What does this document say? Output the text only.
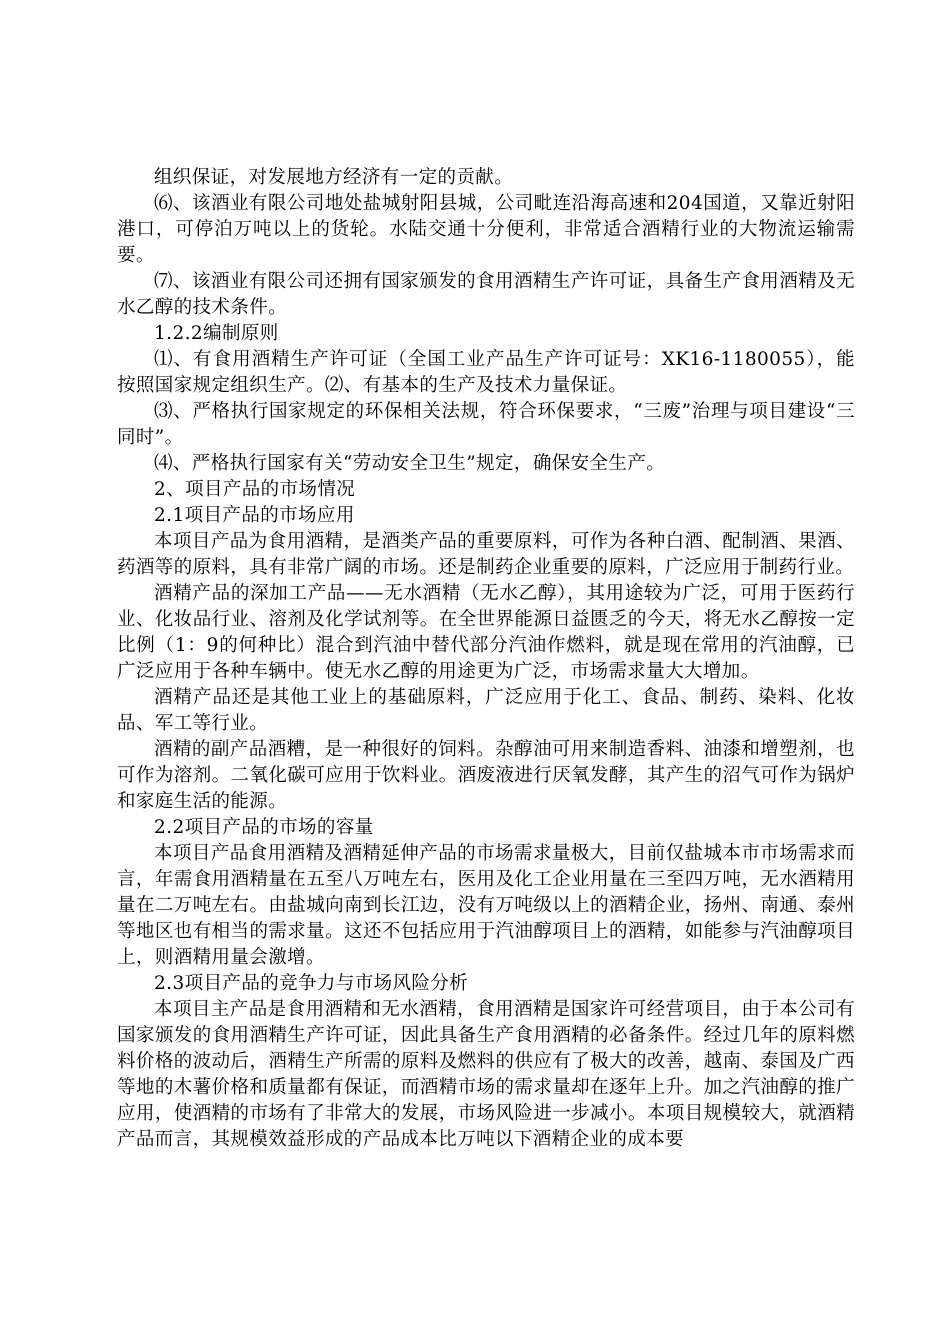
组织保证，对发展地方经济有一定的贡献。

⑹、该酒业有限公司地处盐城射阳县城，公司毗连沿海高速和204国道，又靠近射阳港口，可停泊万吨以上的货轮。水陆交通十分便利，非常适合酒精行业的大物流运输需要。

⑺、该酒业有限公司还拥有国家颁发的食用酒精生产许可证，具备生产食用酒精及无水乙醇的技术条件。

1.2.2编制原则

⑴、有食用酒精生产许可证（全国工业产品生产许可证号：XK16-1180055），能按照国家规定组织生产。⑵、有基本的生产及技术力量保证。

⑶、严格执行国家规定的环保相关法规，符合环保要求，“三废”治理与项目建设“三同时”。

⑷、严格执行国家有关“劳动安全卫生”规定，确保安全生产。

2、项目产品的市场情况

2.1项目产品的市场应用

本项目产品为食用酒精，是酒类产品的重要原料，可作为各种白酒、配制酒、果酒、药酒等的原料，具有非常广阔的市场。还是制药企业重要的原料，广泛应用于制药行业。

酒精产品的深加工产品——无水酒精（无水乙醇），其用途较为广泛，可用于医药行业、化妆品行业、溶剂及化学试剂等。在全世界能源日益匮乏的今天，将无水乙醇按一定比例（1：9的何种比）混合到汽油中替代部分汽油作燃料，就是现在常用的汽油醇，已广泛应用于各种车辆中。使无水乙醇的用途更为广泛，市场需求量大大增加。

酒精产品还是其他工业上的基础原料，广泛应用于化工、食品、制药、染料、化妆品、军工等行业。

酒精的副产品酒糟，是一种很好的饲料。杂醇油可用来制造香料、油漆和增塑剂，也可作为溶剂。二氧化碳可应用于饮料业。酒废液进行厌氧发酵，其产生的沼气可作为锅炉和家庭生活的能源。

2.2项目产品的市场的容量

本项目产品食用酒精及酒精延伸产品的市场需求量极大，目前仅盐城本市市场需求而言，年需食用酒精量在五至八万吨左右，医用及化工企业用量在三至四万吨，无水酒精用量在二万吨左右。由盐城向南到长江边，没有万吨级以上的酒精企业，扬州、南通、泰州等地区也有相当的需求量。这还不包括应用于汽油醇项目上的酒精，如能参与汽油醇项目上，则酒精用量会激增。

2.3项目产品的竞争力与市场风险分析

本项目主产品是食用酒精和无水酒精，食用酒精是国家许可经营项目，由于本公司有国家颁发的食用酒精生产许可证，因此具备生产食用酒精的必备条件。经过几年的原料燃料价格的波动后，酒精生产所需的原料及燃料的供应有了极大的改善，越南、泰国及广西等地的木薯价格和质量都有保证，而酒精市场的需求量却在逐年上升。加之汽油醇的推广应用，使酒精的市场有了非常大的发展，市场风险进一步减小。本项目规模较大，就酒精产品而言，其规模效益形成的产品成本比万吨以下酒精企业的成本要
